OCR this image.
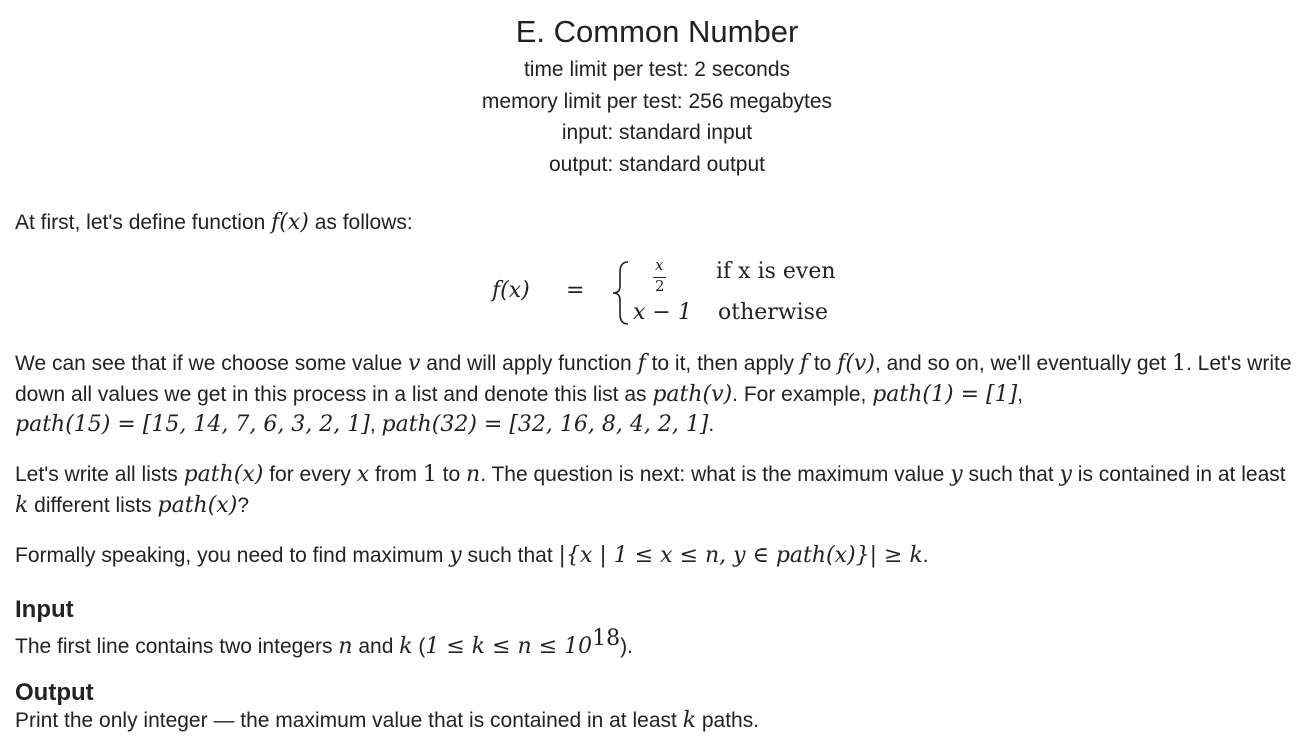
E. Common Number
time limit per test: 2 seconds
memory limit per test: 256 megabytes
input: standard input
output: standard output
At first, let's define function f(x) as follows:
f(x) =
x
2
if x is even
x − 1 otherwise
We can see that if we choose some value v and will apply function f to it, then apply f to f(v), and so on, we'll eventually get 1. Let's write down all values we get in this process in a list and denote this list as path(v). For example, path(1) = [1],
path(15) = [15, 14, 7, 6, 3, 2, 1], path(32) = [32, 16, 8, 4, 2, 1].
Let's write all lists path(x) for every x from 1 to n. The question is next: what is the maximum value y such that y is contained in at least
k different lists path(x)?
Formally speaking, you need to find maximum y such that |{x | 1 ≤ x ≤ n, y ∈ path(x)}| ≥ k.
Input
The first line contains two integers n and k $(1 \le k \le n \le 10^{18})$.
Output
Print the only integer — the maximum value that is contained in at least k paths.
